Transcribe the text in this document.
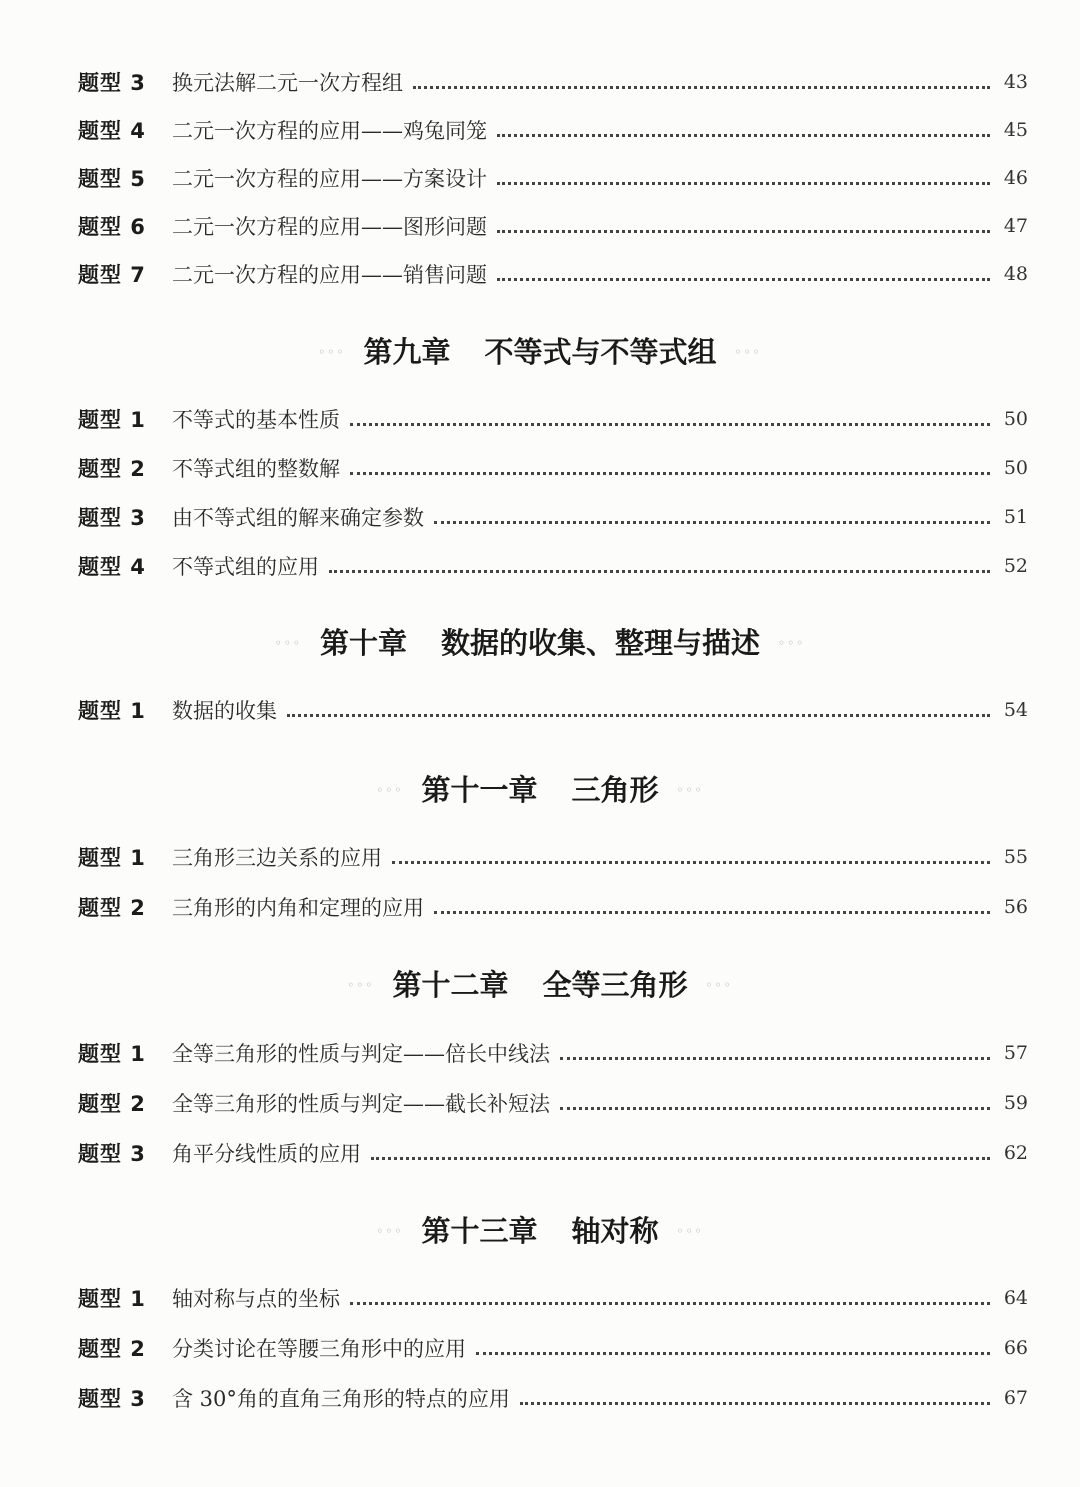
题型 3	换元法解二元一次方程组	43
题型 4	二元一次方程的应用——鸡兔同笼	45
题型 5	二元一次方程的应用——方案设计	46
题型 6	二元一次方程的应用——图形问题	47
题型 7	二元一次方程的应用——销售问题	48
◦◦◦ 第九章 不等式与不等式组 ◦◦◦
题型 1	不等式的基本性质	50
题型 2	不等式组的整数解	50
题型 3	由不等式组的解来确定参数	51
题型 4	不等式组的应用	52
◦◦◦ 第十章 数据的收集、整理与描述 ◦◦◦
题型 1	数据的收集	54
◦◦◦ 第十一章 三角形 ◦◦◦
题型 1	三角形三边关系的应用	55
题型 2	三角形的内角和定理的应用	56
◦◦◦ 第十二章 全等三角形 ◦◦◦
题型 1	全等三角形的性质与判定——倍长中线法	57
题型 2	全等三角形的性质与判定——截长补短法	59
题型 3	角平分线性质的应用	62
◦◦◦ 第十三章 轴对称 ◦◦◦
题型 1	轴对称与点的坐标	64
题型 2	分类讨论在等腰三角形中的应用	66
题型 3	含 30°角的直角三角形的特点的应用	67
